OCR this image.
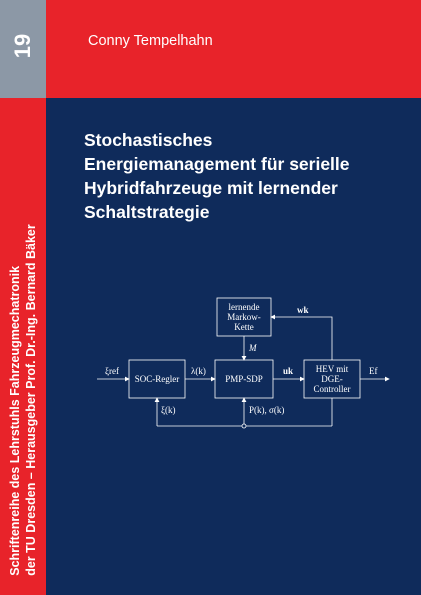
19
Schriftenreihe des Lehrstuhls Fahrzeugmechatronik der TU Dresden – Herausgeber Prof. Dr.-Ing. Bernard Bäker
Conny Tempelhahn
Stochastisches
Energiemanagement für serielle
Hybridfahrzeuge mit lernender
Schaltstrategie
lernende
Markow-
Kette
SOC-Regler	PMP-SDP
HEV mit
DGE-
Controller
ξref	λ(k)	uk	Ef
M
wk
ξ(k)	P(k), σ(k)
